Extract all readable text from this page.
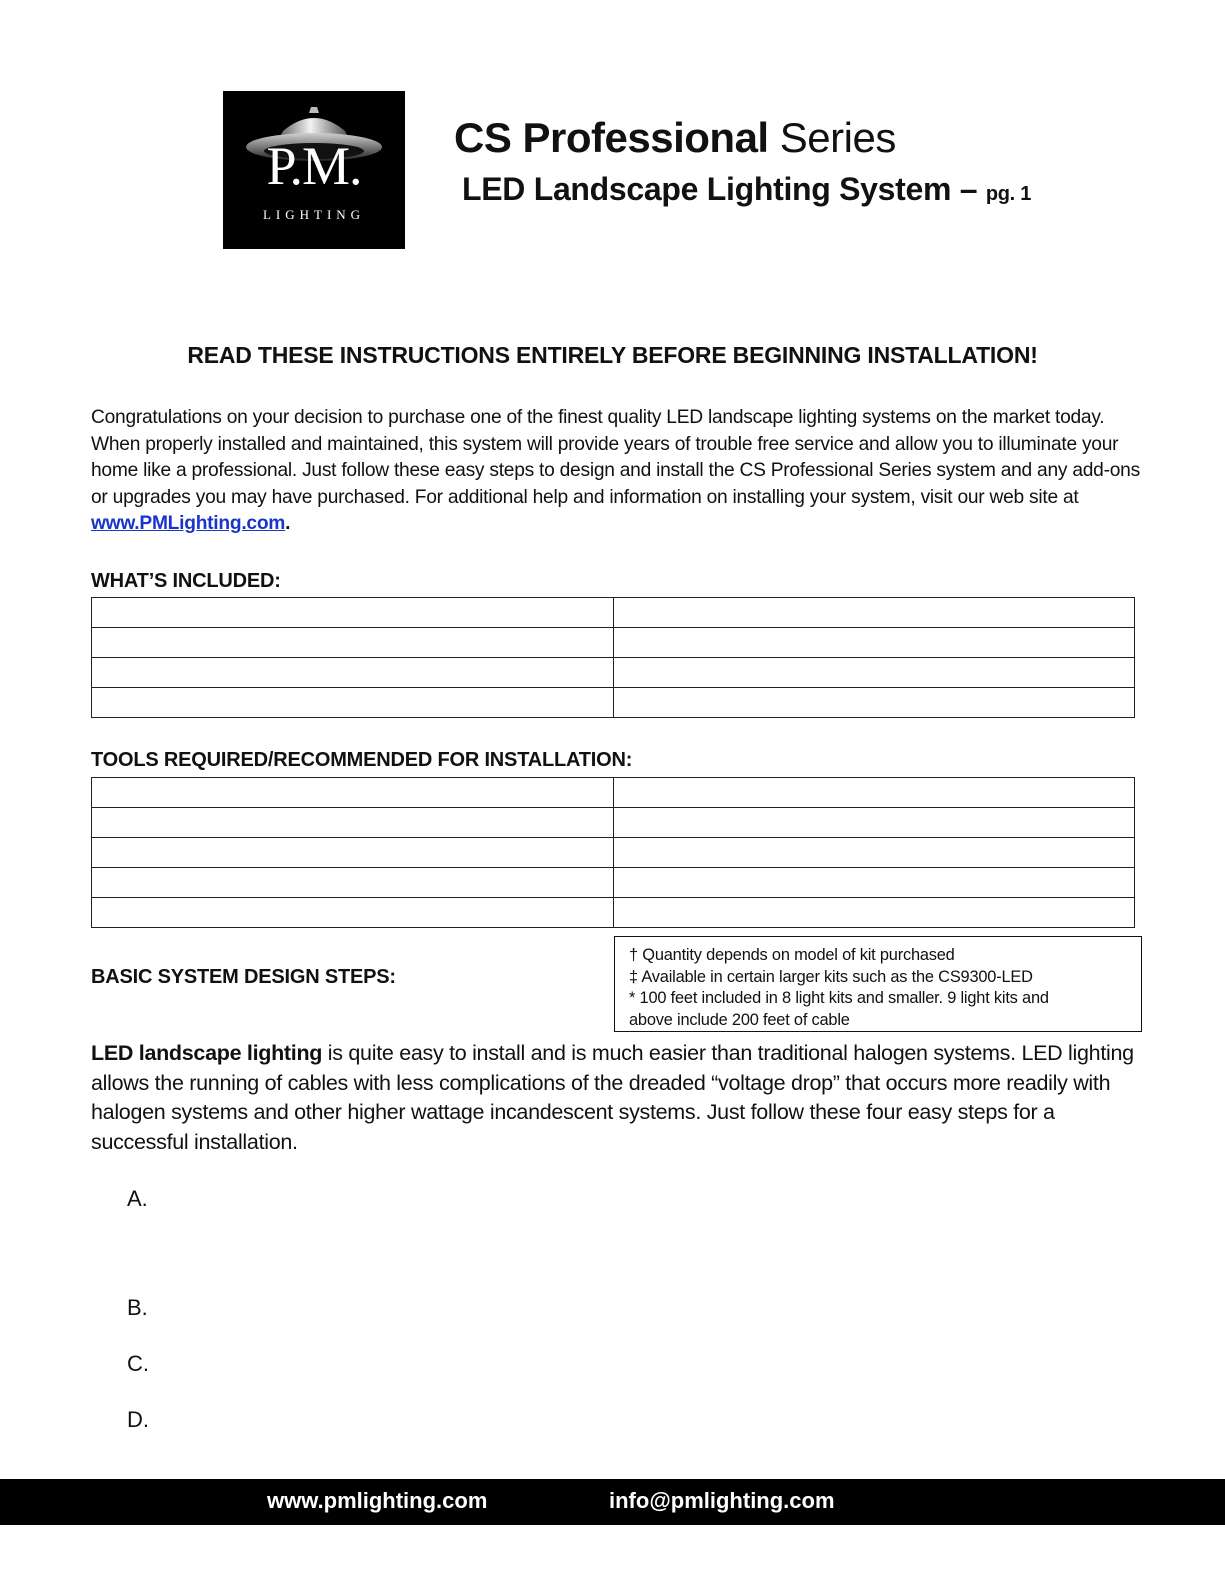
P.M.
LIGHTING
CS Professional Series
LED Landscape Lighting System – pg. 1
READ THESE INSTRUCTIONS ENTIRELY BEFORE BEGINNING INSTALLATION!
Congratulations on your decision to purchase one of the finest quality LED landscape lighting systems on the market today. When properly installed and maintained, this system will provide years of trouble free service and allow you to illuminate your home like a professional. Just follow these easy steps to design and install the CS Professional Series system and any add-ons or upgrades you may have purchased. For additional help and information on installing your system, visit our web site at www.PMLighting.com.
WHAT’S INCLUDED:

TOOLS REQUIRED/RECOMMENDED FOR INSTALLATION:

BASIC SYSTEM DESIGN STEPS:
† Quantity depends on model of kit purchased
‡ Available in certain larger kits such as the CS9300-LED
* 100 feet included in 8 light kits and smaller. 9 light kits and
above include 200 feet of cable
LED landscape lighting is quite easy to install and is much easier than traditional halogen systems. LED lighting allows the running of cables with less complications of the dreaded “voltage drop” that occurs more readily with halogen systems and other higher wattage incandescent systems. Just follow these four easy steps for a successful installation.
A.
B.
C.
D.
www.pmlighting.com	info@pmlighting.com
